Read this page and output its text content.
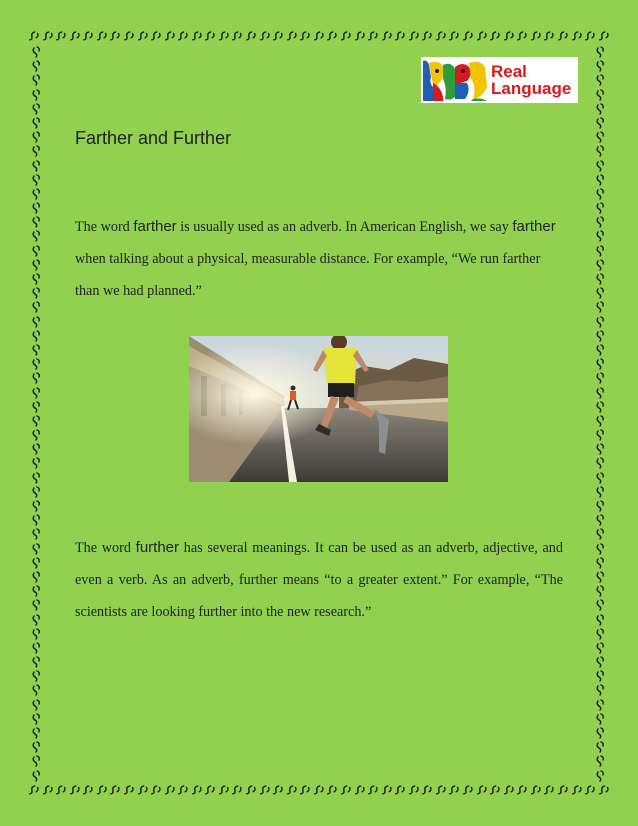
Real
Language
Farther and Further

The word farther is usually used as an adverb. In American English, we say farther when talking about a physical, measurable distance. For example, “We run farther than we had planned.”

The word further has several meanings. It can be used as an adverb, adjective, and even a verb. As an adverb, further means “to a greater extent.” For example, “The scientists are looking further into the new research.”
